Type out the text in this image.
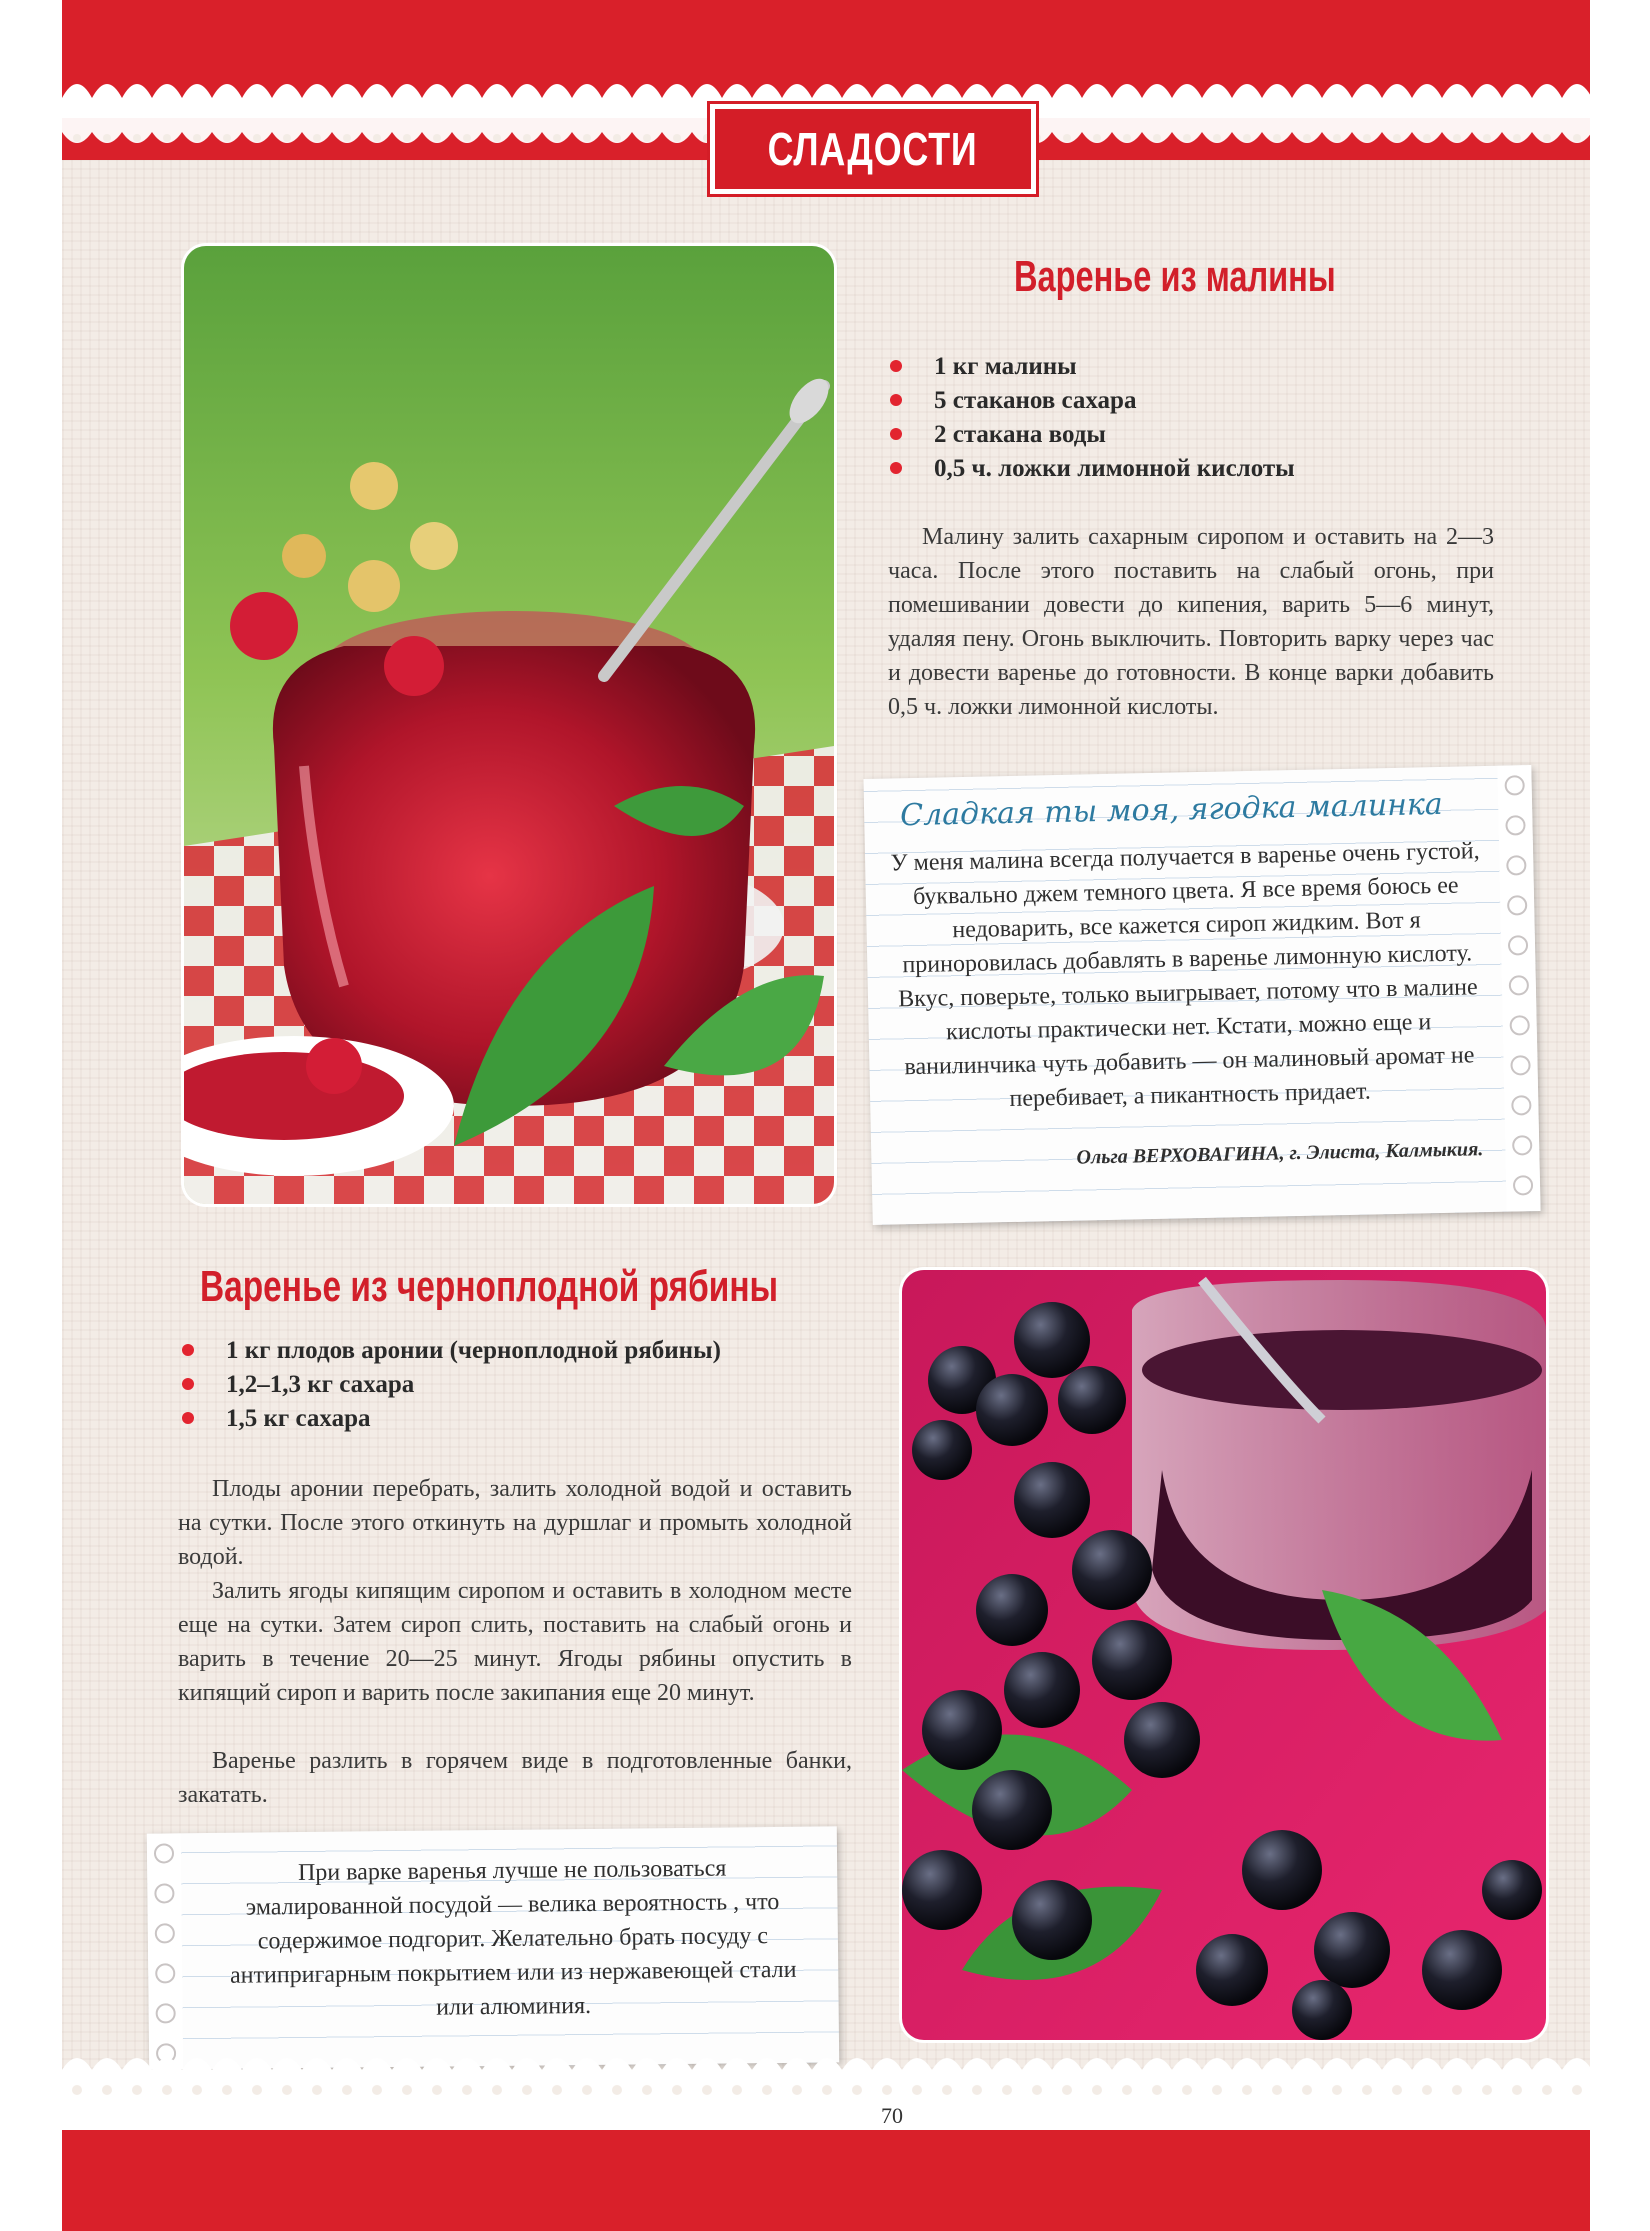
СЛАДОСТИ
Варенье из малины
1 кг малины
5 стаканов сахара
2 стакана воды
0,5 ч. ложки лимонной кислоты

Малину залить сахарным сиропом и оставить на 2—3 часа. После этого поставить на слабый огонь, при помешивании довести до кипения, варить 5—6 минут, удаляя пену. Огонь выключить. Повторить варку через час и довести варенье до готовности. В конце варки добавить 0,5 ч. ложки лимонной кислоты.

Сладкая ты моя, ягодка малинка

У меня малина всегда получается в варенье очень густой, буквально джем темного цвета. Я все время боюсь ее недоварить, все кажется сироп жидким. Вот я приноровилась добавлять в варенье лимонную кислоту. Вкус, поверьте, только выигрывает, потому что в малине кислоты практически нет. Кстати, можно еще и ванилинчика чуть добавить — он малиновый аромат не перебивает, а пикантность придает.

Ольга ВЕРХОВАГИНА, г. Элиста, Калмыкия.
Варенье из черноплодной рябины
1 кг плодов аронии (черноплодной рябины)
1,2–1,3 кг сахара
1,5 кг сахара

Плоды аронии перебрать, залить холодной водой и оставить на сутки. После этого откинуть на дуршлаг и промыть холодной водой.

Залить ягоды кипящим сиропом и оставить в холодном месте еще на сутки. Затем сироп слить, поставить на слабый огонь и варить в течение 20—25 минут. Ягоды рябины опустить в кипящий сироп и варить после закипания еще 20 минут.

Варенье разлить в горячем виде в подготовленные банки, закатать.

При варке варенья лучше не пользоваться эмалированной посудой — велика вероятность , что содержимое подгорит. Желательно брать посуду с антипригарным покрытием или из нержавеющей стали или алюминия.

70
